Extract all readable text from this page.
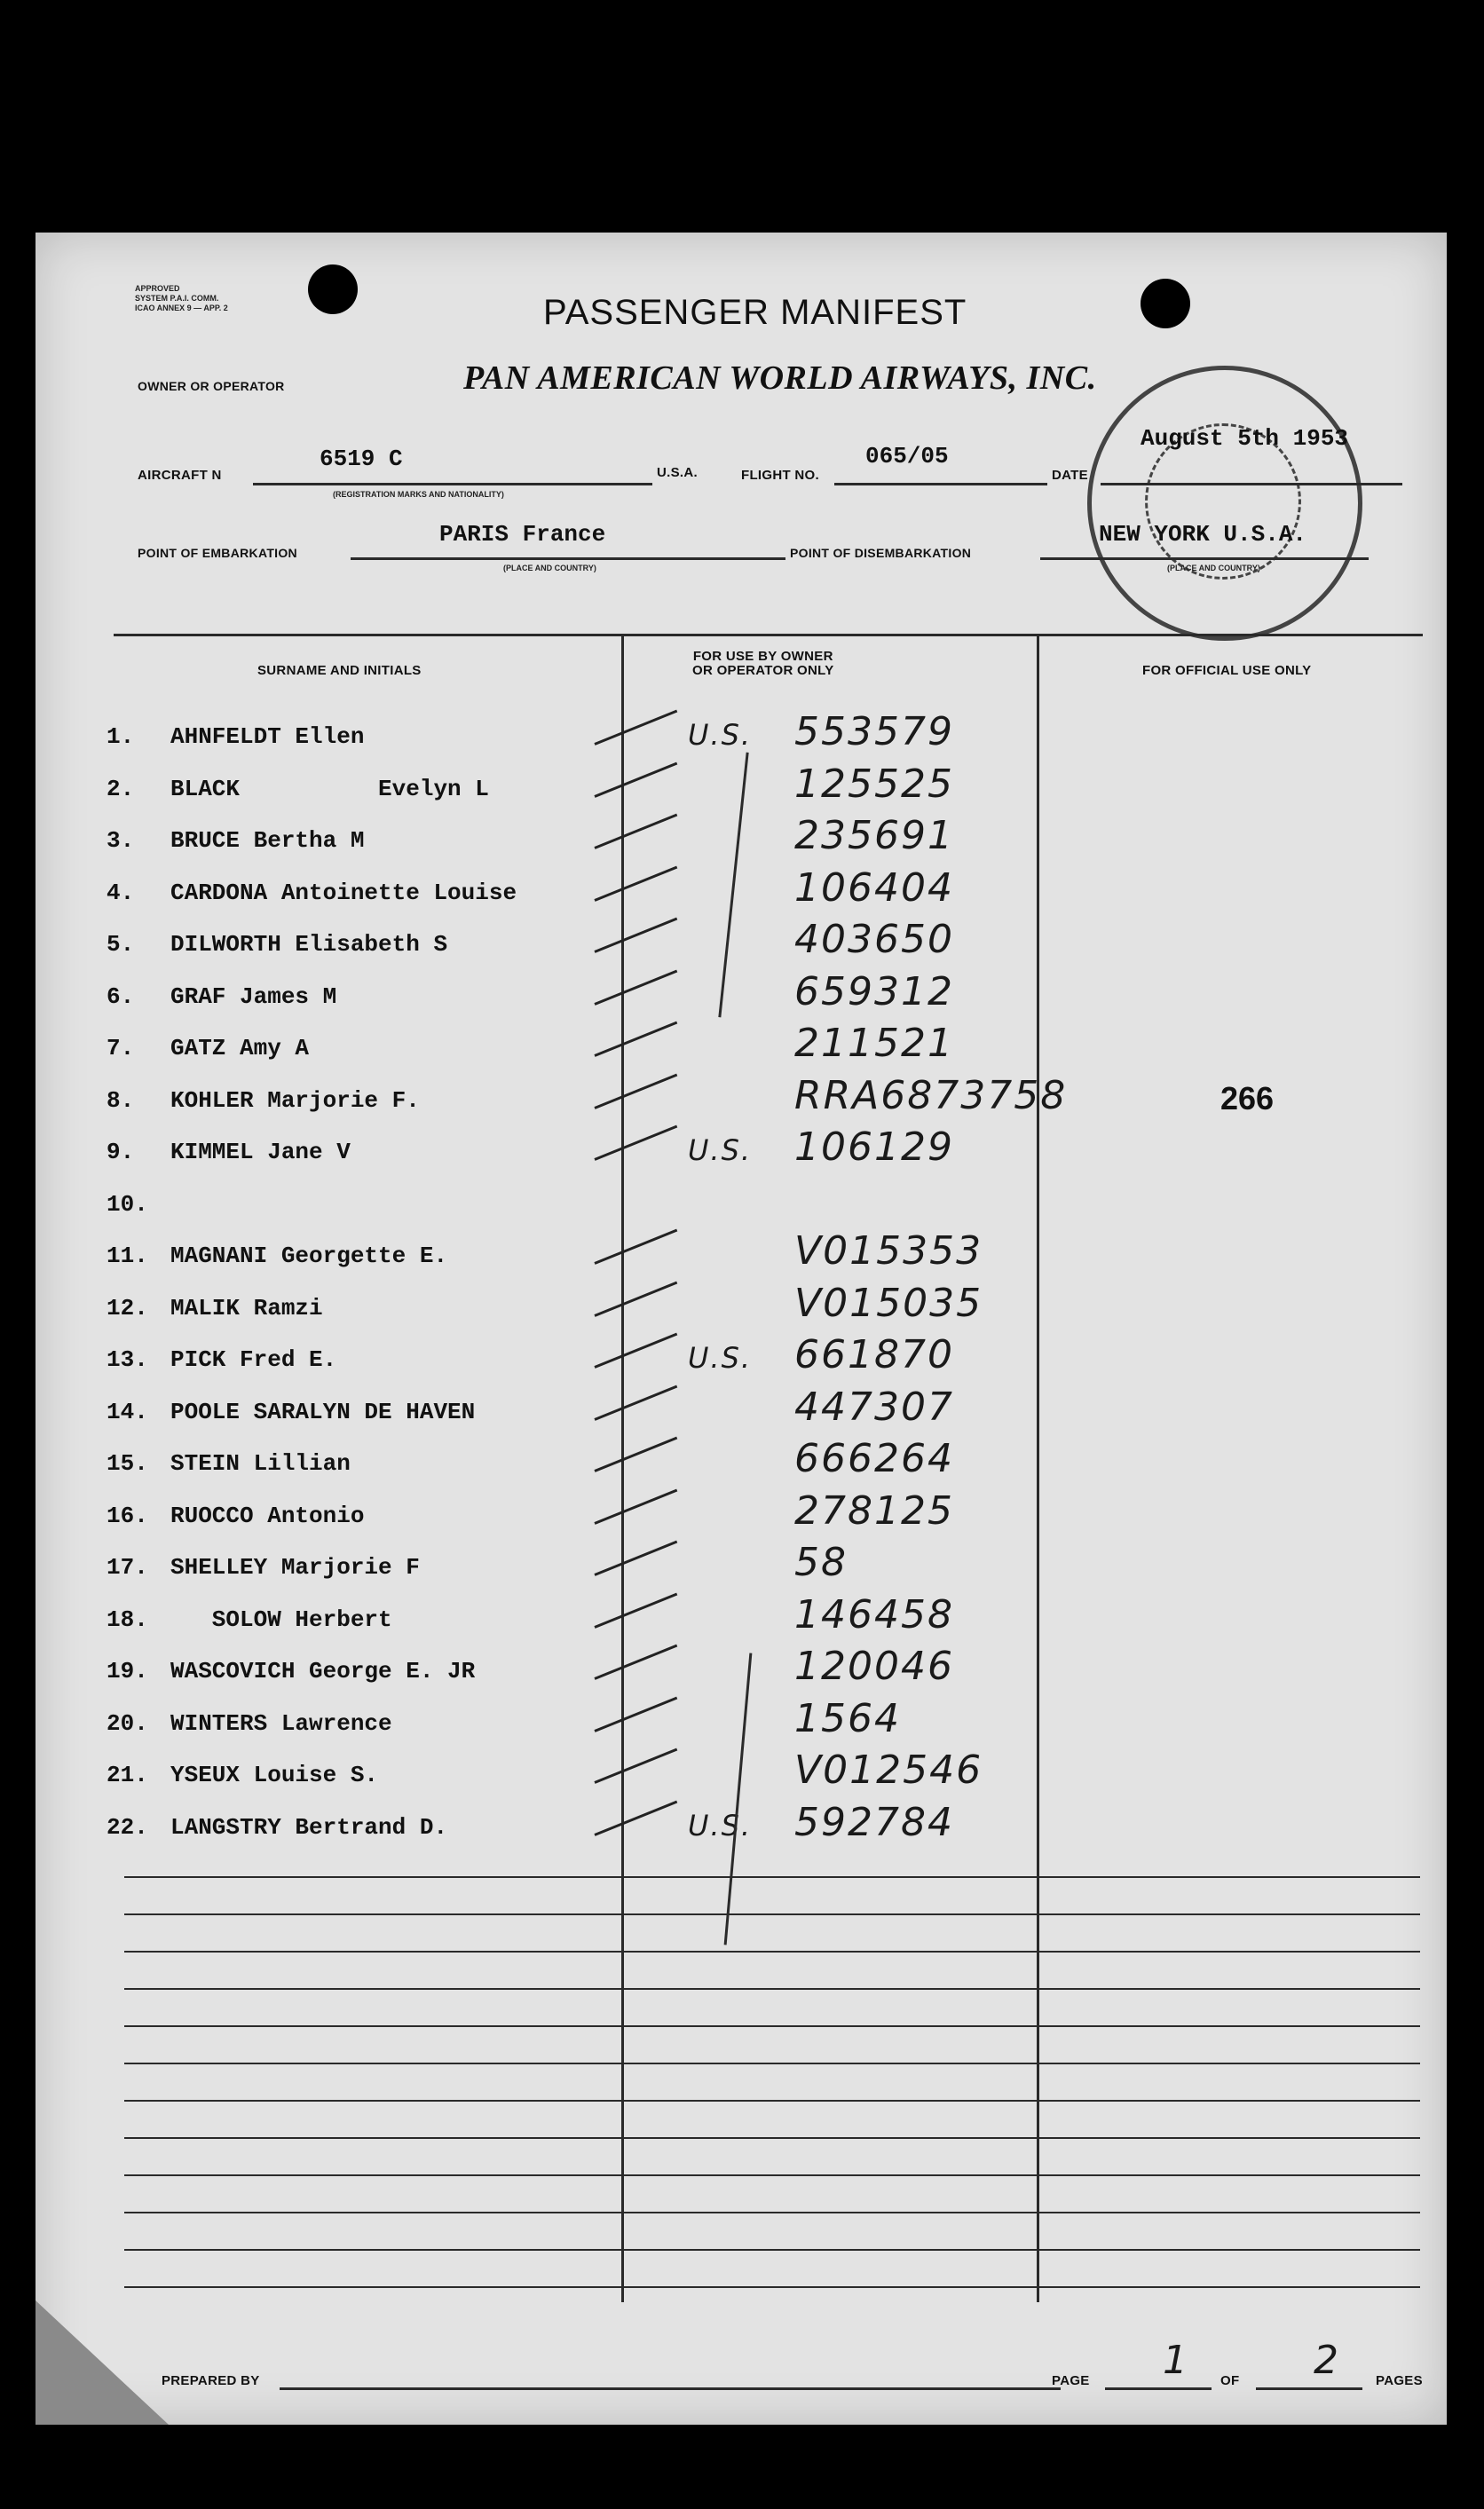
APPROVED
SYSTEM P.A.I. COMM.
ICAO ANNEX 9 — APP. 2	PASSENGER MANIFEST
OWNER OR OPERATOR	PAN AMERICAN WORLD AIRWAYS, INC.
AIRCRAFT N
6519 C
(REGISTRATION MARKS AND NATIONALITY)
U.S.A.	FLIGHT NO.
065/05
DATE
August 5th 1953
POINT OF EMBARKATION
PARIS France
(PLACE AND COUNTRY)
POINT OF DISEMBARKATION
NEW YORK U.S.A.
(PLACE AND COUNTRY)
SURNAME AND INITIALS
FOR USE BY OWNER
OR OPERATOR ONLY	FOR OFFICIAL USE ONLY
1. AHNFELDT Ellen	U.S. 553579
2. BLACK          Evelyn L	125525
3. BRUCE Bertha M	235691
4. CARDONA Antoinette Louise	106404
5. DILWORTH Elisabeth S	403650
6. GRAF James M	659312
7. GATZ Amy A	211521
8. KOHLER Marjorie F.	RRA6873758	266
9. KIMMEL Jane V	U.S. 106129
10.
11. MAGNANI Georgette E.	V015353
12. MALIK Ramzi	V015035
13. PICK Fred E.	U.S. 661870
14. POOLE SARALYN DE HAVEN	447307
15. STEIN Lillian	666264
16. RUOCCO Antonio	278125
17. SHELLEY Marjorie F	58
18. SOLOW Herbert	146458
19. WASCOVICH George E. JR	120046
20. WINTERS Lawrence	1564
21. YSEUX Louise S.	V012546
22. LANGSTRY Bertrand D.	U.S. 592784
PREPARED BY	PAGE 1 OF 2	PAGES
